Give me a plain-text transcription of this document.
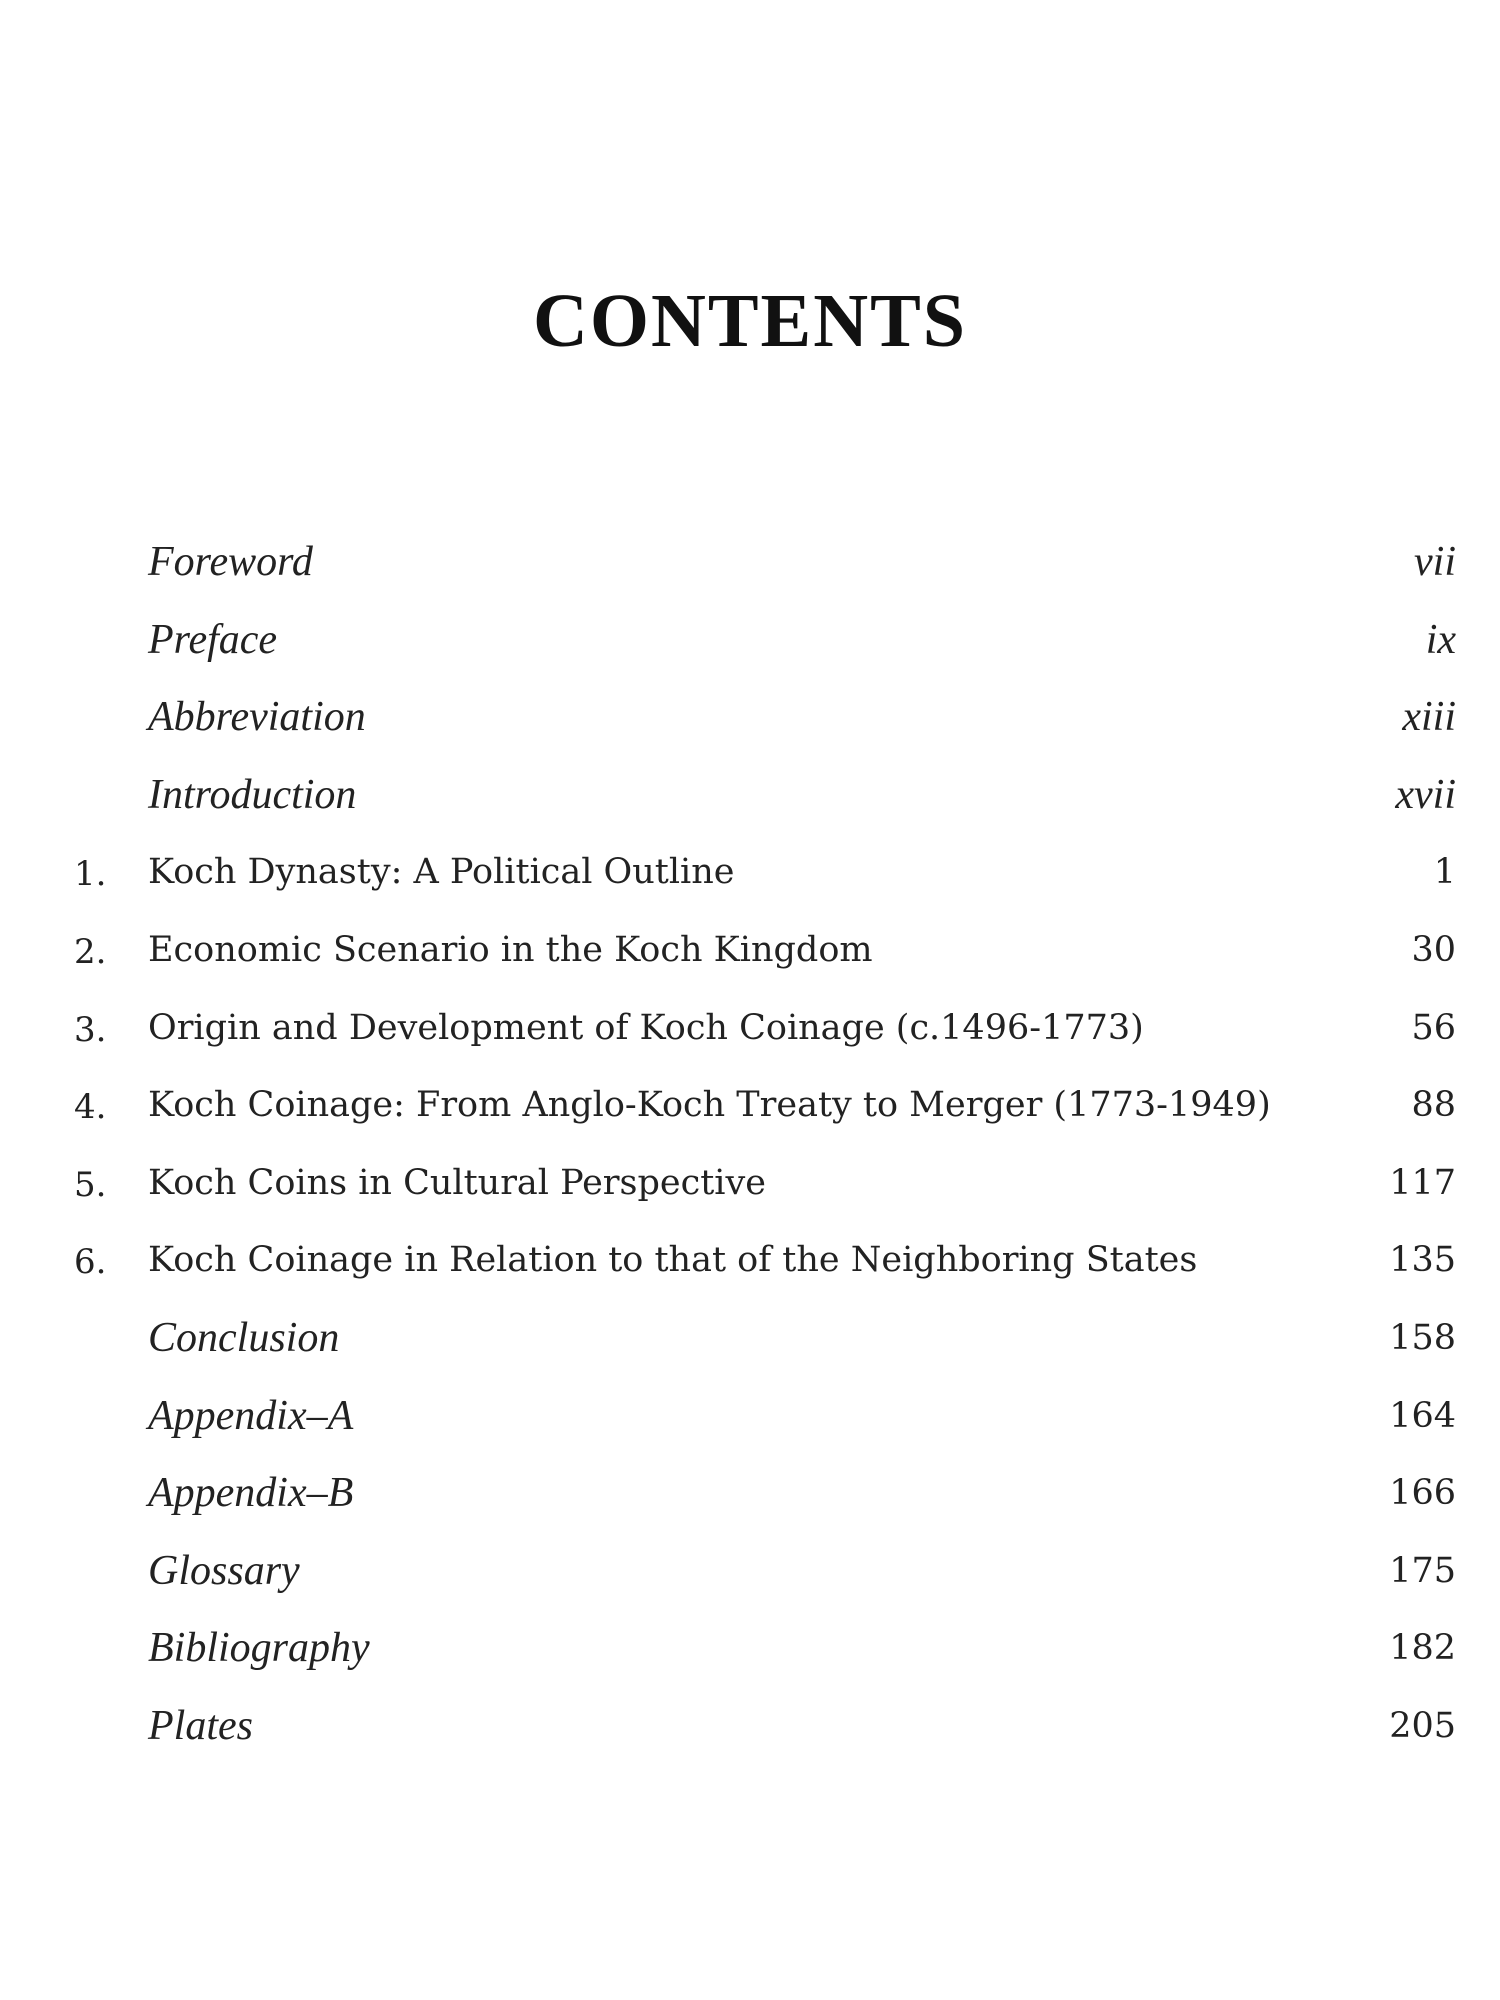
CONTENTS
Foreword	vii
Preface	ix
Abbreviation	xiii
Introduction	xvii
1. Koch Dynasty: A Political Outline	1
2. Economic Scenario in the Koch Kingdom	30
3. Origin and Development of Koch Coinage (c.1496-1773)	56
4. Koch Coinage: From Anglo-Koch Treaty to Merger (1773-1949)	88
5. Koch Coins in Cultural Perspective	117
6. Koch Coinage in Relation to that of the Neighboring States	135
Conclusion	158
Appendix–A	164
Appendix–B	166
Glossary	175
Bibliography	182
Plates	205
